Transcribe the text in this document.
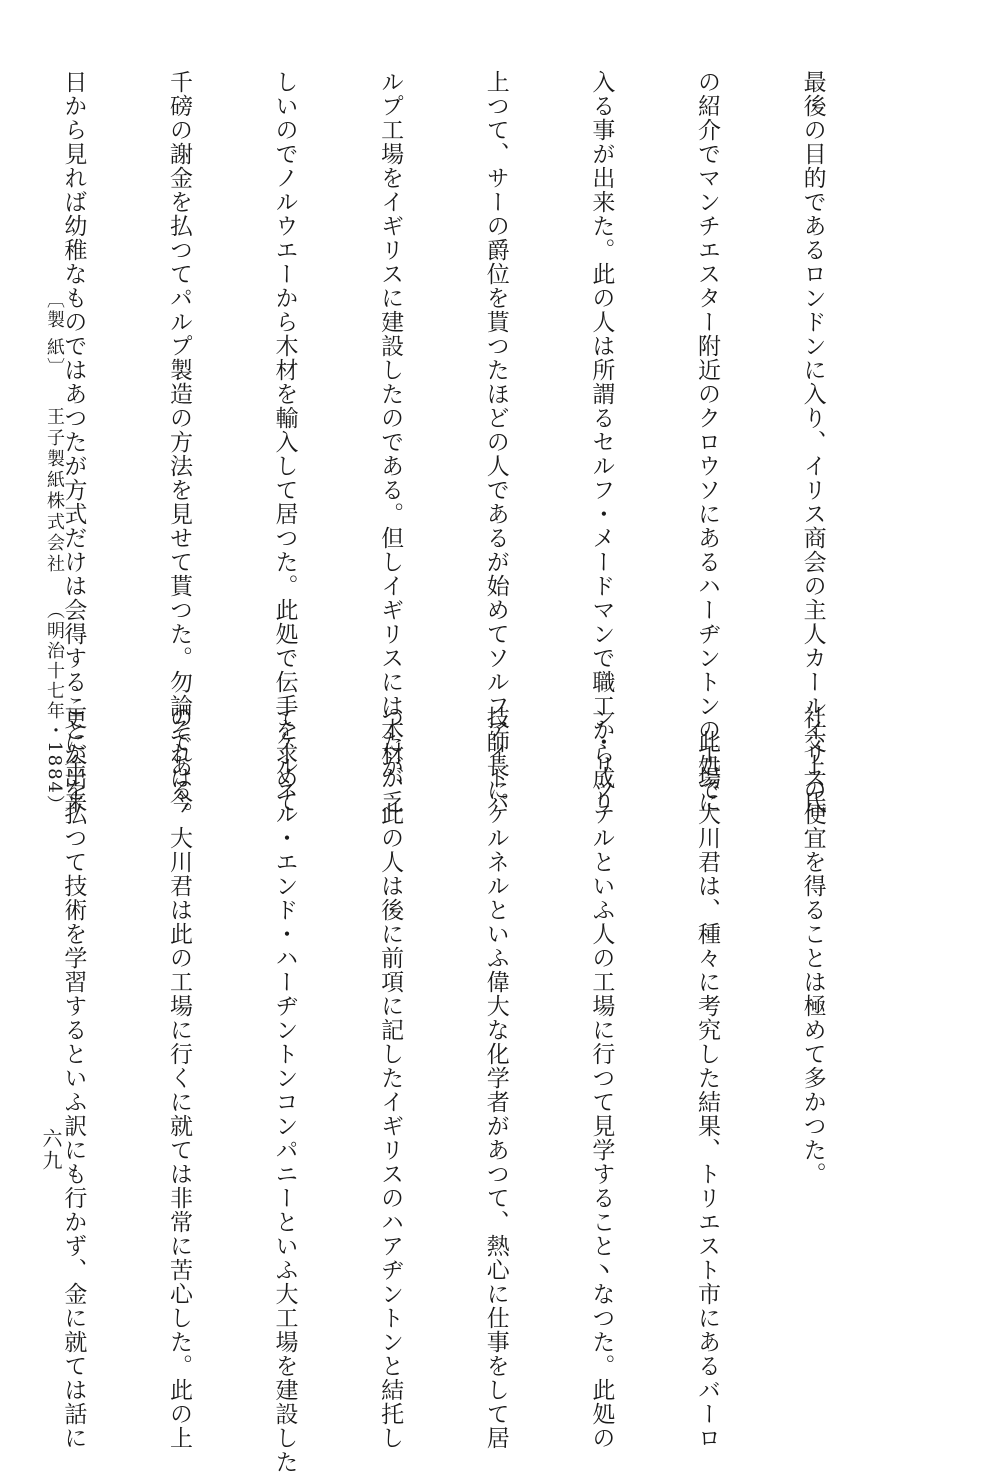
最後の目的であるロンドンに入り、イリス商会の主人カールイリス氏

の紹介でマンチエスター附近のクロウソにあるハーヂントンの工場に

入る事が出来た。此の人は所謂るセルフ・メードマンで職工から成り

上つて、サーの爵位を貰つたほどの人であるが始めてソルフアイトパ

ルプ工場をイギリスに建設したのである。但しイギリスには木材が乏

しいのでノルウエーから木材を輸入して居つた。此処で伝手を求めて

千磅の謝金を払つてパルプ製造の方法を見せて貰つた。勿論それは今

日から見れば幼稚なものではあつたが方式だけは会得することが出来

社交上の便宜を得ることは極めて多かつた。

　此処で大川君は、種々に考究した結果、トリエスト市にあるバーロ

ン・リツテルといふ人の工場に行つて見学すること丶なつた。此処の

技師長にケルネルといふ偉大な化学者があつて、熱心に仕事をして居

つたが、此の人は後に前項に記したイギリスのハアヂントンと結托し

てケルネル・エンド・ハーヂントンコンパニーといふ大工場を建設した

のである。大川君は此の工場に行くに就ては非常に苦心した。此の上

更に金を払つて技術を学習するといふ訳にも行かず、金に就ては話に

〔製 紙〕 王子製紙株式会社 （明治十七年・1884）
六九
